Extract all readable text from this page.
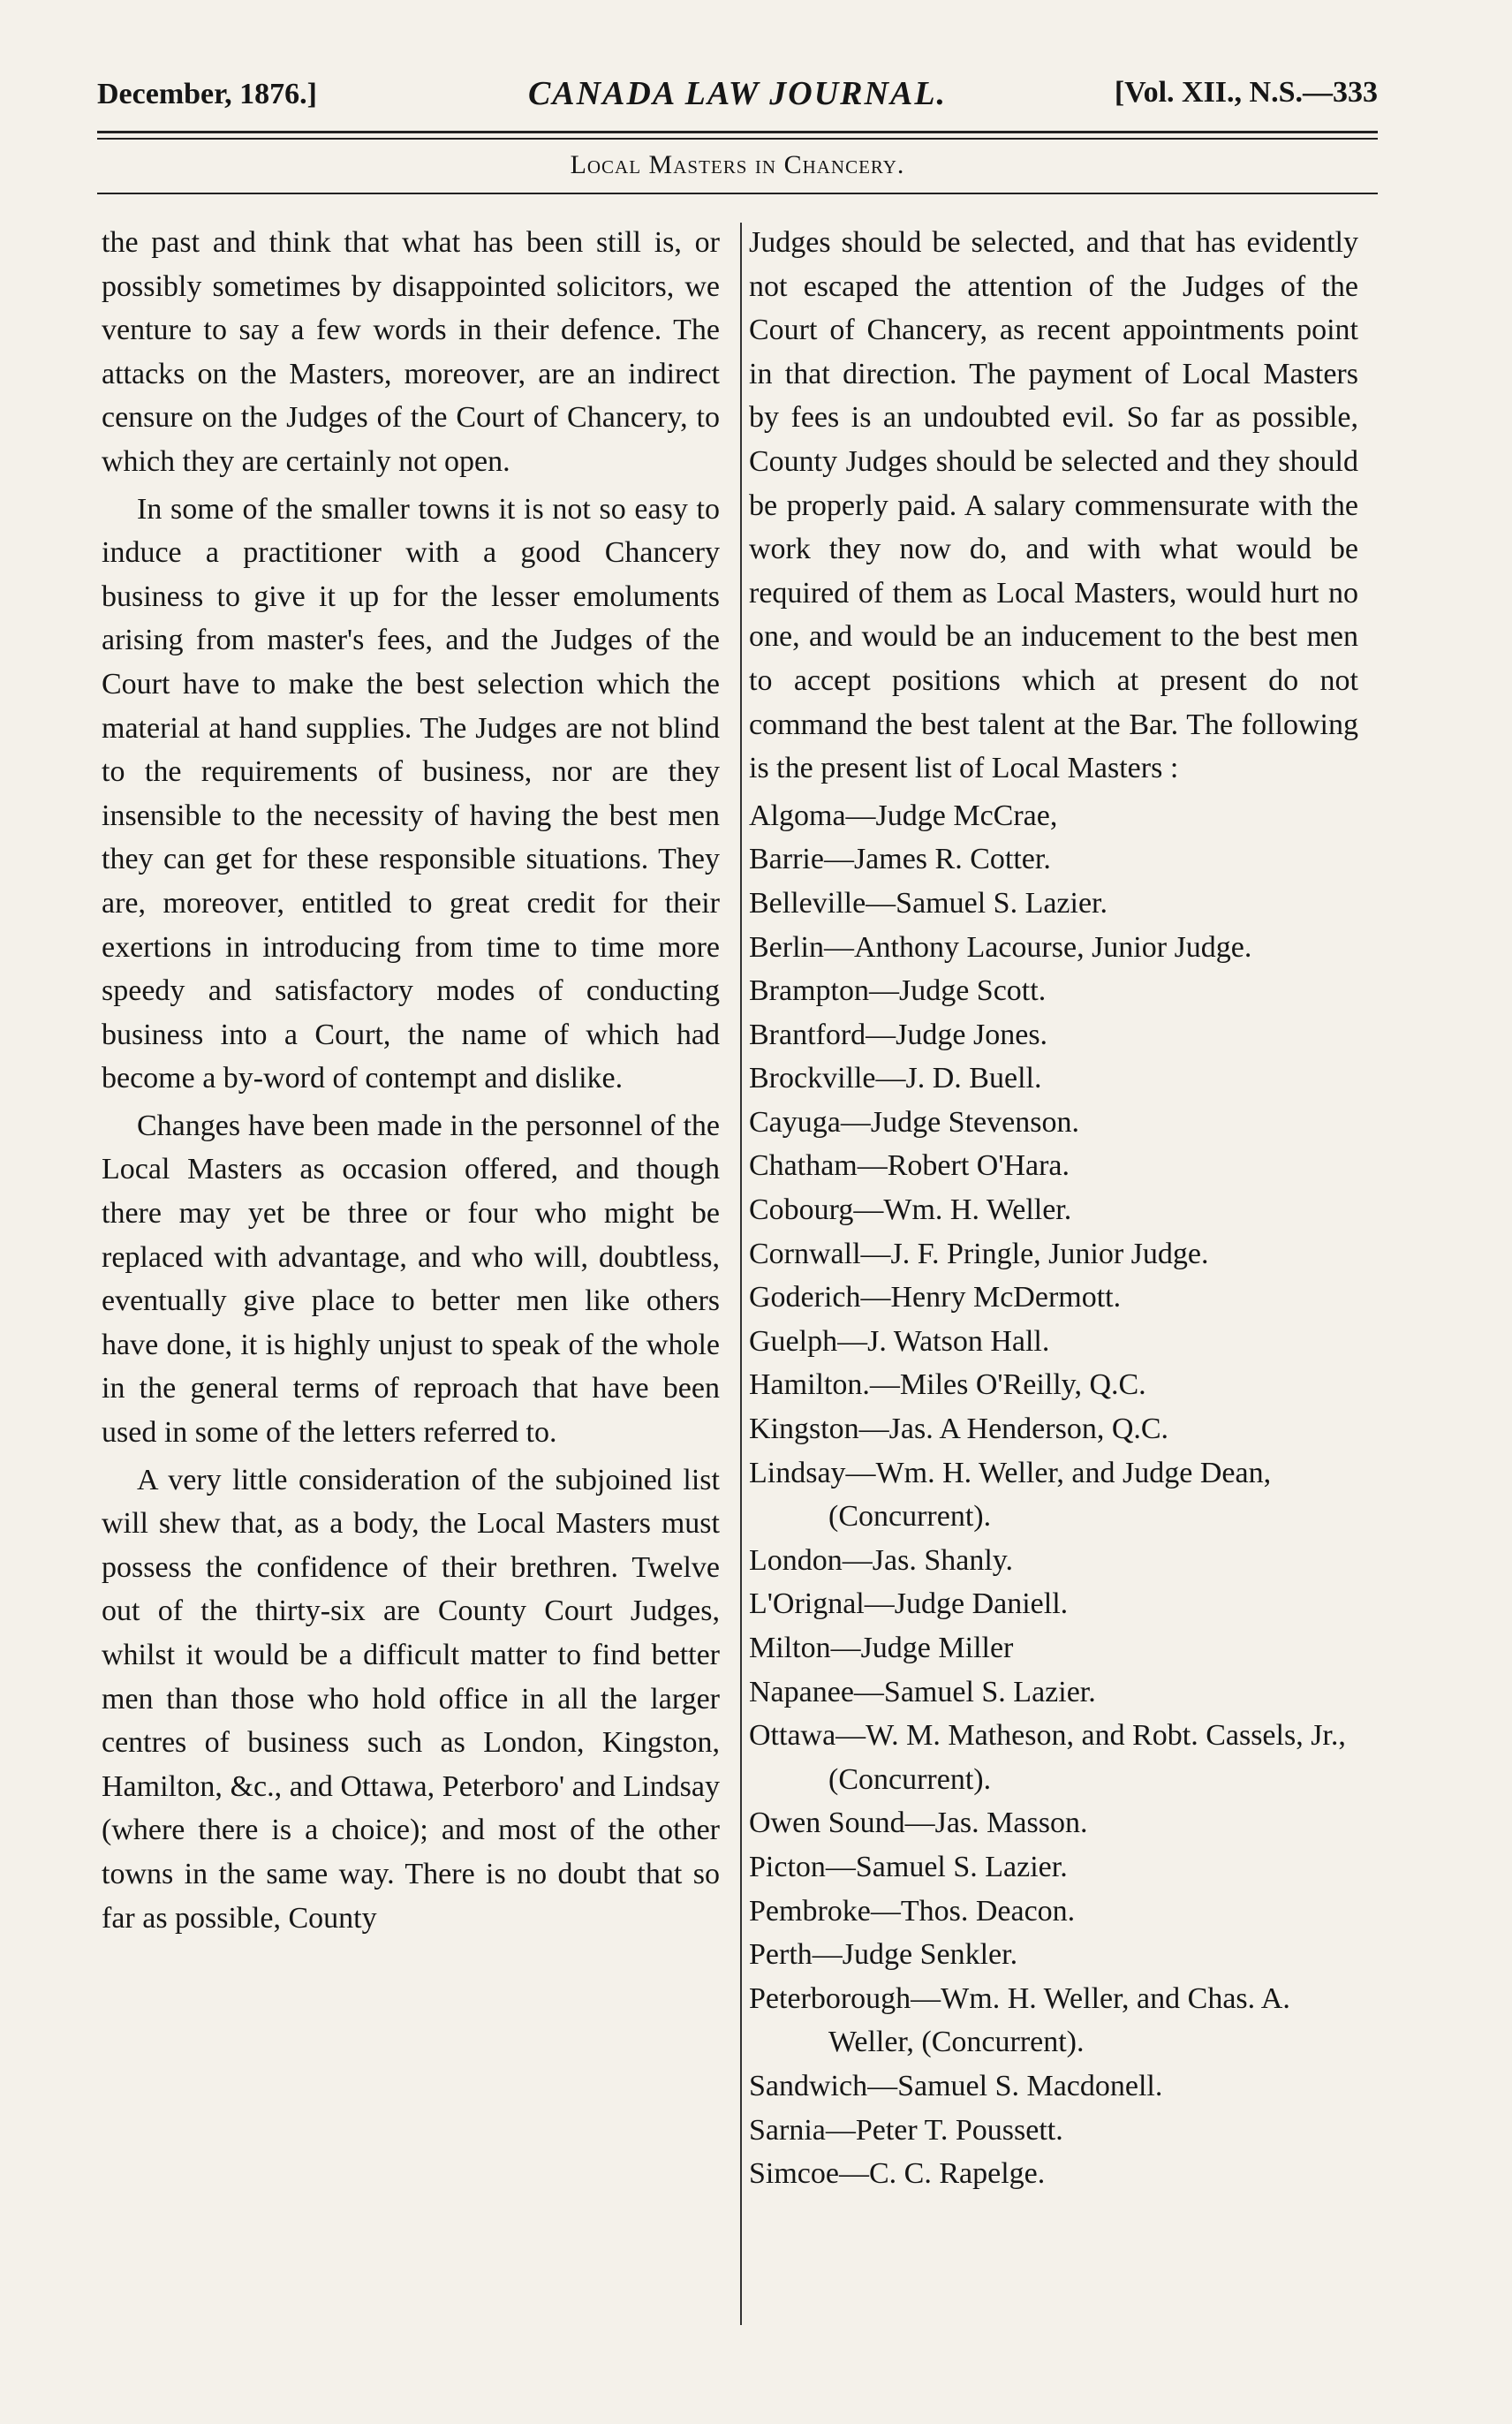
December, 1876.]	CANADA LAW JOURNAL.	[Vol. XII., N.S.—333
Local Masters in Chancery.

the past and think that what has been still is, or possibly sometimes by disappointed solicitors, we venture to say a few words in their defence. The attacks on the Masters, moreover, are an indirect censure on the Judges of the Court of Chancery, to which they are certainly not open.

In some of the smaller towns it is not so easy to induce a practitioner with a good Chancery business to give it up for the lesser emoluments arising from master's fees, and the Judges of the Court have to make the best selection which the material at hand supplies. The Judges are not blind to the requirements of business, nor are they insensible to the necessity of having the best men they can get for these responsible situations. They are, moreover, entitled to great credit for their exertions in introducing from time to time more speedy and satisfactory modes of conducting business into a Court, the name of which had become a by-word of contempt and dislike.

Changes have been made in the personnel of the Local Masters as occasion offered, and though there may yet be three or four who might be replaced with advantage, and who will, doubtless, eventually give place to better men like others have done, it is highly unjust to speak of the whole in the general terms of reproach that have been used in some of the letters referred to.

A very little consideration of the subjoined list will shew that, as a body, the Local Masters must possess the confidence of their brethren. Twelve out of the thirty-six are County Court Judges, whilst it would be a difficult matter to find better men than those who hold office in all the larger centres of business such as London, Kingston, Hamilton, &c., and Ottawa, Peterboro' and Lindsay (where there is a choice); and most of the other towns in the same way. There is no doubt that so far as possible, County

Judges should be selected, and that has evidently not escaped the attention of the Judges of the Court of Chancery, as recent appointments point in that direction. The payment of Local Masters by fees is an undoubted evil. So far as possible, County Judges should be selected and they should be properly paid. A salary commensurate with the work they now do, and with what would be required of them as Local Masters, would hurt no one, and would be an inducement to the best men to accept positions which at present do not command the best talent at the Bar. The following is the present list of Local Masters :

Algoma—Judge McCrae,
Barrie—James R. Cotter.
Belleville—Samuel S. Lazier.
Berlin—Anthony Lacourse, Junior Judge.
Brampton—Judge Scott.
Brantford—Judge Jones.
Brockville—J. D. Buell.
Cayuga—Judge Stevenson.
Chatham—Robert O'Hara.
Cobourg—Wm. H. Weller.
Cornwall—J. F. Pringle, Junior Judge.
Goderich—Henry McDermott.
Guelph—J. Watson Hall.
Hamilton.—Miles O'Reilly, Q.C.
Kingston—Jas. A Henderson, Q.C.
Lindsay—Wm. H. Weller, and Judge Dean, (Concurrent).
London—Jas. Shanly.
L'Orignal—Judge Daniell.
Milton—Judge Miller
Napanee—Samuel S. Lazier.
Ottawa—W. M. Matheson, and Robt. Cassels, Jr., (Concurrent).
Owen Sound—Jas. Masson.
Picton—Samuel S. Lazier.
Pembroke—Thos. Deacon.
Perth—Judge Senkler.
Peterborough—Wm. H. Weller, and Chas. A. Weller, (Concurrent).
Sandwich—Samuel S. Macdonell.
Sarnia—Peter T. Poussett.
Simcoe—C. C. Rapelge.
